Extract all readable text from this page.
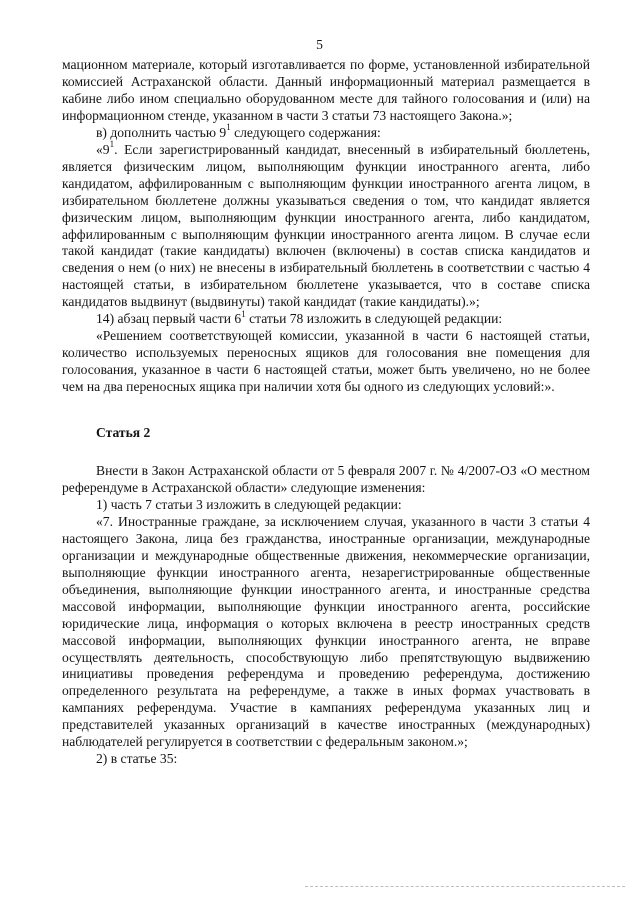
5

мационном материале, который изготавливается по форме, установленной избирательной комиссией Астраханской области. Данный информационный материал размещается в кабине либо ином специально оборудованном месте для тайного голосования и (или) на информационном стенде, указанном в части 3 статьи 73 настоящего Закона.»;

в) дополнить частью $9^1$ следующего содержания:

«$9^1$. Если зарегистрированный кандидат, внесенный в избирательный бюллетень, является физическим лицом, выполняющим функции иностранного агента, либо кандидатом, аффилированным с выполняющим функции иностранного агента лицом, в избирательном бюллетене должны указываться сведения о том, что кандидат является физическим лицом, выполняющим функции иностранного агента, либо кандидатом, аффилированным с выполняющим функции иностранного агента лицом. В случае если такой кандидат (такие кандидаты) включен (включены) в состав списка кандидатов и сведения о нем (о них) не внесены в избирательный бюллетень в соответствии с частью 4 настоящей статьи, в избирательном бюллетене указывается, что в составе списка кандидатов выдвинут (выдвинуты) такой кандидат (такие кандидаты).»;

14) абзац первый части $6^1$ статьи 78 изложить в следующей редакции:

«Решением соответствующей комиссии, указанной в части 6 настоящей статьи, количество используемых переносных ящиков для голосования вне помещения для голосования, указанное в части 6 настоящей статьи, может быть увеличено, но не более чем на два переносных ящика при наличии хотя бы одного из следующих условий:».

Статья 2

Внести в Закон Астраханской области от 5 февраля 2007 г. № 4/2007-ОЗ «О местном референдуме в Астраханской области» следующие изменения:

1) часть 7 статьи 3 изложить в следующей редакции:

«7. Иностранные граждане, за исключением случая, указанного в части 3 статьи 4 настоящего Закона, лица без гражданства, иностранные организации, международные организации и международные общественные движения, некоммерческие организации, выполняющие функции иностранного агента, незарегистрированные общественные объединения, выполняющие функции иностранного агента, и иностранные средства массовой информации, выполняющие функции иностранного агента, российские юридические лица, информация о которых включена в реестр иностранных средств массовой информации, выполняющих функции иностранного агента, не вправе осуществлять деятельность, способствующую либо препятствующую выдвижению инициативы проведения референдума и проведению референдума, достижению определенного результата на референдуме, а также в иных формах участвовать в кампаниях референдума. Участие в кампаниях референдума указанных лиц и представителей указанных организаций в качестве иностранных (международных) наблюдателей регулируется в соответствии с федеральным законом.»;

2) в статье 35:
